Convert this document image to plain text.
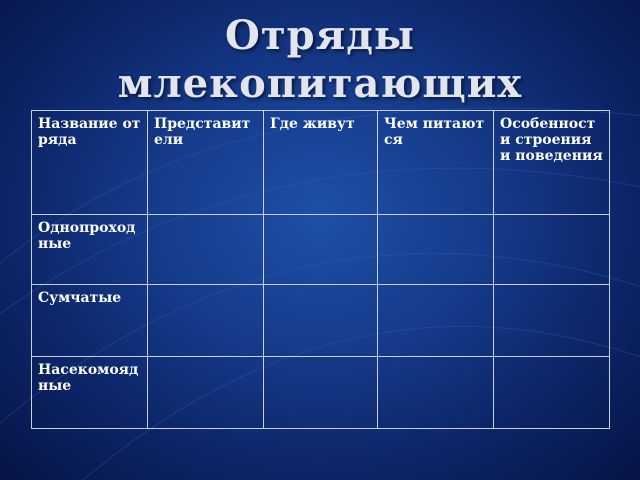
Отряды
млекопитающих
Название отряда	Представители	Где живут	Чем питаются	Особенности строения и поведения
Однопроходные				
Сумчатые				
Насекомоядные				
